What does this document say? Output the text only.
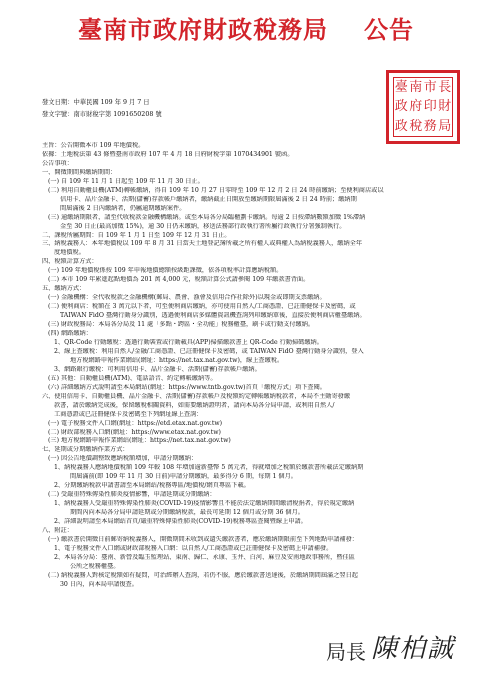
臺南市政府財政稅務局 公告
發文日期：中華民國 109 年 9 月 7 日
發文字號：南市財稅字第 1091650208 號
臺 南 市 長
政 府 印 財
政 稅 務 局
主旨：公告開徵本市 109 年地價稅。
依據：土地稅法第 43 條暨臺南市政府 107 年 4 月 18 日府財稅字第 1070434901 號函。
公告事項：
一、開徵期間與繳納期間：
(一) 自 109 年 11 月 1 日起至 109 年 11 月 30 日止。
(二) 利用自動櫃員機(ATM)轉帳繳納，得自 109 年 10 月 27 日零時至 109 年 12 月 2 日 24 時前繳納；至便利商店或以
信用卡、晶片金融卡、活期(儲蓄)存款帳戶繳納者，繳納截止日開放至繳納期限屆滿後 2 日 24 時前；繳納期
間屆滿後 2 日內繳納者，仍屬逾期繳納案件。
(三) 逾繳納期限者，請至代收稅款金融機構繳納。或至本局各分局臨櫃劃卡繳納。每逾 2 日按滯納數額加徵 1%滯納
金至 30 日止(最高加徵 15%)，逾 30 日仍未繳納，移送法務部行政執行署所屬行政執行分署強制執行。
二、課稅所屬期間：自 109 年 1 月 1 日至 109 年 12 月 31 日止。
三、納稅義務人：本年地價稅以 109 年 8 月 31 日當天土地登記簿所載之所有權人或典權人為納稅義務人，繳納全年
度地價稅。
四、稅額計算方式：
(一) 109 年地價稅係按 109 年申報地價總額按級距課徵，依各項稅率計算應納稅額。
(二) 本市 109 年累進起點地價為 201 萬 4,000 元，稅額計算公式請參閱 109 年繳款書背面。
五、繳納方式：
(一) 金融機構：全代收稅款之金融機構(郵局、農會、漁會及信用合作社除外)以現金或即期支票繳納。
(二) 便利商店：稅額在 3 萬元以下者，可至便利商店繳納，亦可使用自然人/工商憑證、已註冊健保卡及密碼，或
TAIWAN FidO 臺灣行動身分識別，透過便利商店多媒體資訊機查詢列印繳納單後，直接於便利商店櫃臺繳納。
(三) 財政稅務局：本局各分局及 11 處「多點・跨區・全功能」稅務櫃臺，刷卡或行動支付繳納。
(四) 網路繳納：
1、QR-Code 行動繳稅：透過行動裝置或行動載具(APP)掃描繳款書上 QR-Code 行動掃碼繳納。
2、線上查繳稅：利用自然人/金融/工商憑證、已註冊健保卡及密碼，或 TAIWAN FidO 臺灣行動身分識別，登入
地方稅網路申報作業網站(網址：https://net.tax.nat.gov.tw)，線上查繳稅。
3、網路銀行繳稅：可利用信用卡、晶片金融卡、活期(儲蓄)存款帳戶繳納。
(五) 其他：自動櫃員機(ATM)、電話語音、約定轉帳繳納等。
(六) 詳細繳納方式說明請至本局網站(網址：https://www.tntb.gov.tw)首頁「繳稅方式」項下查閱。
六、使用信用卡、自動櫃員機、晶片金融卡、活期(儲蓄)存款帳戶及稅額約定轉帳繳納稅款者，本局不主動寄發繳
款書，請於繳納完成後，保留繳稅相關資料，如需要繳納證明者，請向本局各分局申請，或利用自然人/
工商憑證或已註冊健保卡及密碼至下列網址線上查詢：
(一) 電子稅務文件入口網(網址：https://etd.etax.nat.gov.tw)
(二) 財政部稅務入口網(網址：https://www.etax.nat.gov.tw)
(三) 地方稅網路申報作業網站(網址：https://net.tax.nat.gov.tw)
七、延期或分期繳納作業方式：
(一) 因公告地價調整致應納稅額增加，申請分期繳納：
1、納稅義務人應納地價稅額 109 年較 108 年增加逾新臺幣 5 萬元者，得就增加之稅額於繳款書所載法定繳納期
間屆滿前(即 109 年 11 月 30 日前)申請分期繳納，最多得分 6 期，每期 1 個月。
2、分期繳納稅款申請書請至本局網站/稅務專區/地價稅/網頁專區下載。
(二) 受嚴重特殊傳染性肺炎疫情影響，申請延期或分期繳納：
1、納稅義務人受嚴重特殊傳染性肺炎(COVID-19)疫情影響且不能於法定繳納期間繳清稅捐者，得於規定繳納
期間內向本局各分局申請延期或分期繳納稅款，最長可延期 12 個月或分期 36 個月。
2、詳細說明請至本局網站首頁/嚴重特殊傳染性肺炎(COVID-19)稅務專區查閱暨線上申請。
八、附註：
(一) 繳款書於開徵日前郵寄納稅義務人，開徵期間未收到或遺失繳款書者，應於繳納期限前至下列地點申請補發：
1、電子稅務文件入口網或財政部稅務入口網：以自然人/工商憑證或已註冊健保卡及密碼上申請補發。
2、本局各分局：臺南、新營及臨玉監理站、東南、歸仁、永康、玉井、白河、麻豆及安南地政事務所，暨佳區
公所之稅務櫃臺。
(二) 納稅義務人對核定稅額如有疑問，可治經辦人查詢，若仍不服，應於繳款書送達後，於繳納期間屆滿之翌日起
30 日內，向本局申請復查。
局長 陳柏誠
